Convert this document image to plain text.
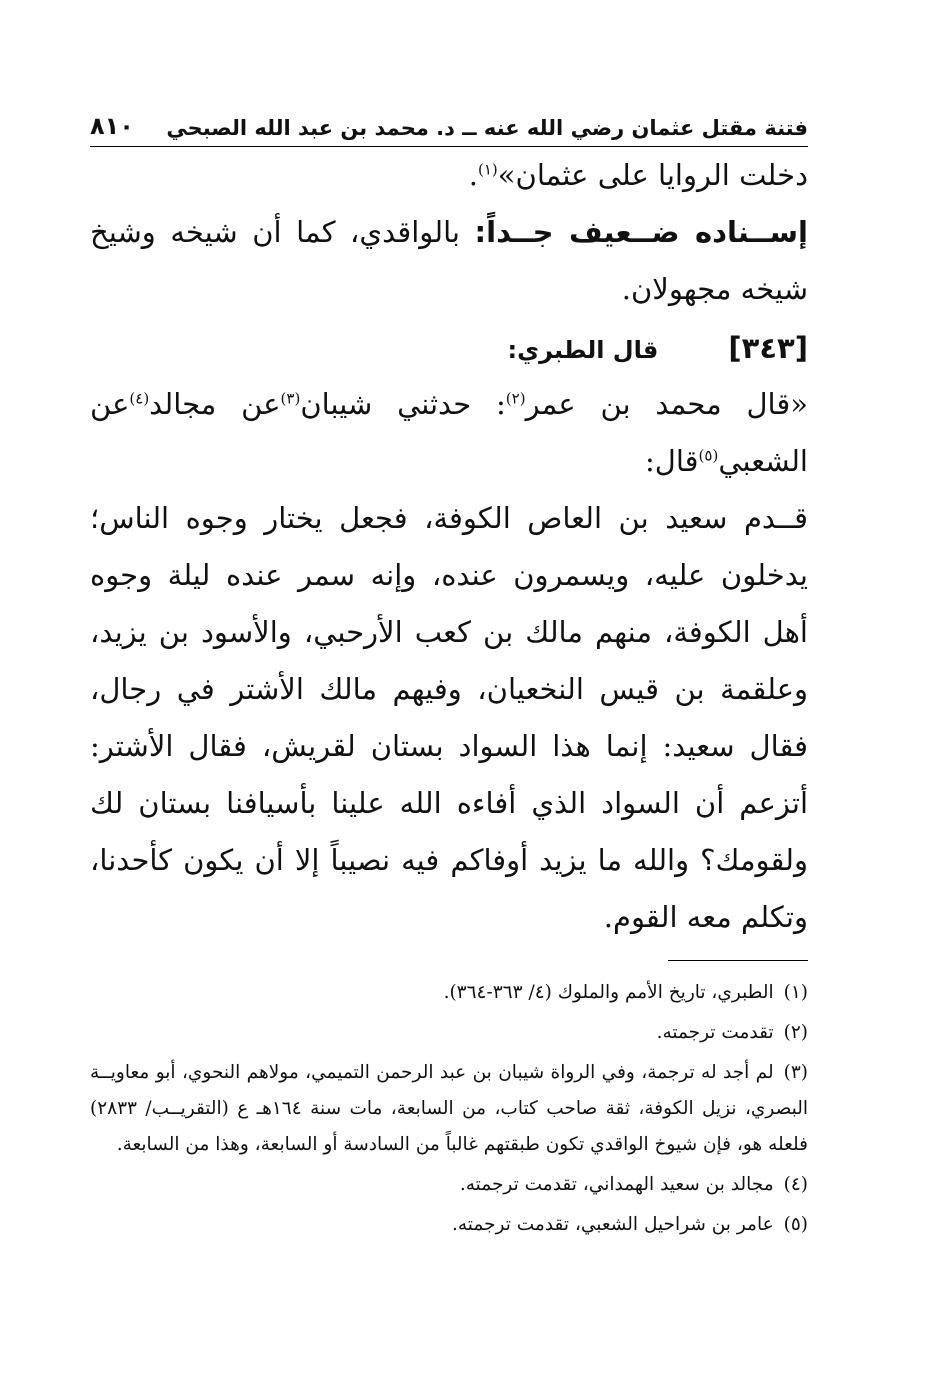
فتنة مقتل عثمان رضي الله عنه ــ د. محمد بن عبد الله الصبحي
٨١٠

دخلت الروايا على عثمان»$^{(١)}$.

إســناده ضــعيف جــداً: بالواقدي، كما أن شيخه وشيخ شيخه مجهولان.

[٣٤٣]
قال الطبري:

«قال محمد بن عمر$^{(٢)}$: حدثني شيبان$^{(٣)}$عن مجالد$^{(٤)}$عن الشعبي$^{(٥)}$قال:

قــدم سعيد بن العاص الكوفة، فجعل يختار وجوه الناس؛ يدخلون عليه، ويسمرون عنده، وإنه سمر عنده ليلة وجوه أهل الكوفة، منهم مالك بن كعب الأرحبي، والأسود بن يزيد، وعلقمة بن قيس النخعيان، وفيهم مالك الأشتر في رجال، فقال سعيد: إنما هذا السواد بستان لقريش، فقال الأشتر: أتزعم أن السواد الذي أفاءه الله علينا بأسيافنا بستان لك ولقومك؟ والله ما يزيد أوفاكم فيه نصيباً إلا أن يكون كأحدنا، وتكلم معه القوم.

(١)الطبري، تاريخ الأمم والملوك (٤/ ٣٦٣-٣٦٤).

(٢)تقدمت ترجمته.

(٣)لم أجد له ترجمة، وفي الرواة شيبان بن عبد الرحمن التميمي، مولاهم النحوي، أبو معاويــة البصري، نزيل الكوفة، ثقة صاحب كتاب، من السابعة، مات سنة ١٦٤هـ ع (التقريــب/ ٢٨٣٣) فلعله هو، فإن شيوخ الواقدي تكون طبقتهم غالباً من السادسة أو السابعة، وهذا من السابعة.

(٤)مجالد بن سعيد الهمداني، تقدمت ترجمته.

(٥)عامر بن شراحيل الشعبي، تقدمت ترجمته.
